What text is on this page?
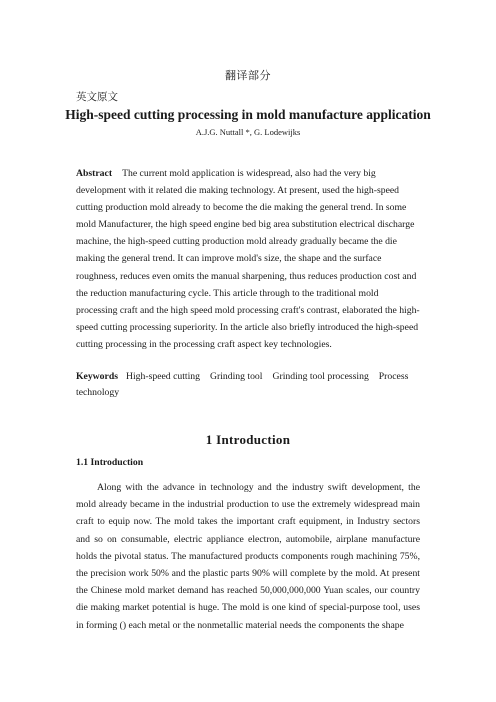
翻译部分
英文原文
High-speed cutting processing in mold manufacture application
A.J.G. Nuttall *, G. Lodewijks

Abstract The current mold application is widespread, also had the very big development with it related die making technology. At present, used the high-speed cutting production mold already to become the die making the general trend. In some mold Manufacturer, the high speed engine bed big area substitution electrical discharge machine, the high-speed cutting production mold already gradually became the die making the general trend. It can improve mold's size, the shape and the surface roughness, reduces even omits the manual sharpening, thus reduces production cost and the reduction manufacturing cycle. This article through to the traditional mold processing craft and the high speed mold processing craft's contrast, elaborated the high-speed cutting processing superiority. In the article also briefly introduced the high-speed cutting processing in the processing craft aspect key technologies.

Keywords High-speed cutting Grinding tool Grinding tool processing Process technology

1 Introduction
1.1 Introduction

Along with the advance in technology and the industry swift development, the mold already became in the industrial production to use the extremely widespread main craft to equip now. The mold takes the important craft equipment, in Industry sectors and so on consumable, electric appliance electron, automobile, airplane manufacture holds the pivotal status. The manufactured products components rough machining 75%, the precision work 50% and the plastic parts 90% will complete by the mold. At present the Chinese mold market demand has reached 50,000,000,000 Yuan scales, our country die making market potential is huge. The mold is one kind of special-purpose tool, uses in forming () each metal or the nonmetallic material needs the components the shape
